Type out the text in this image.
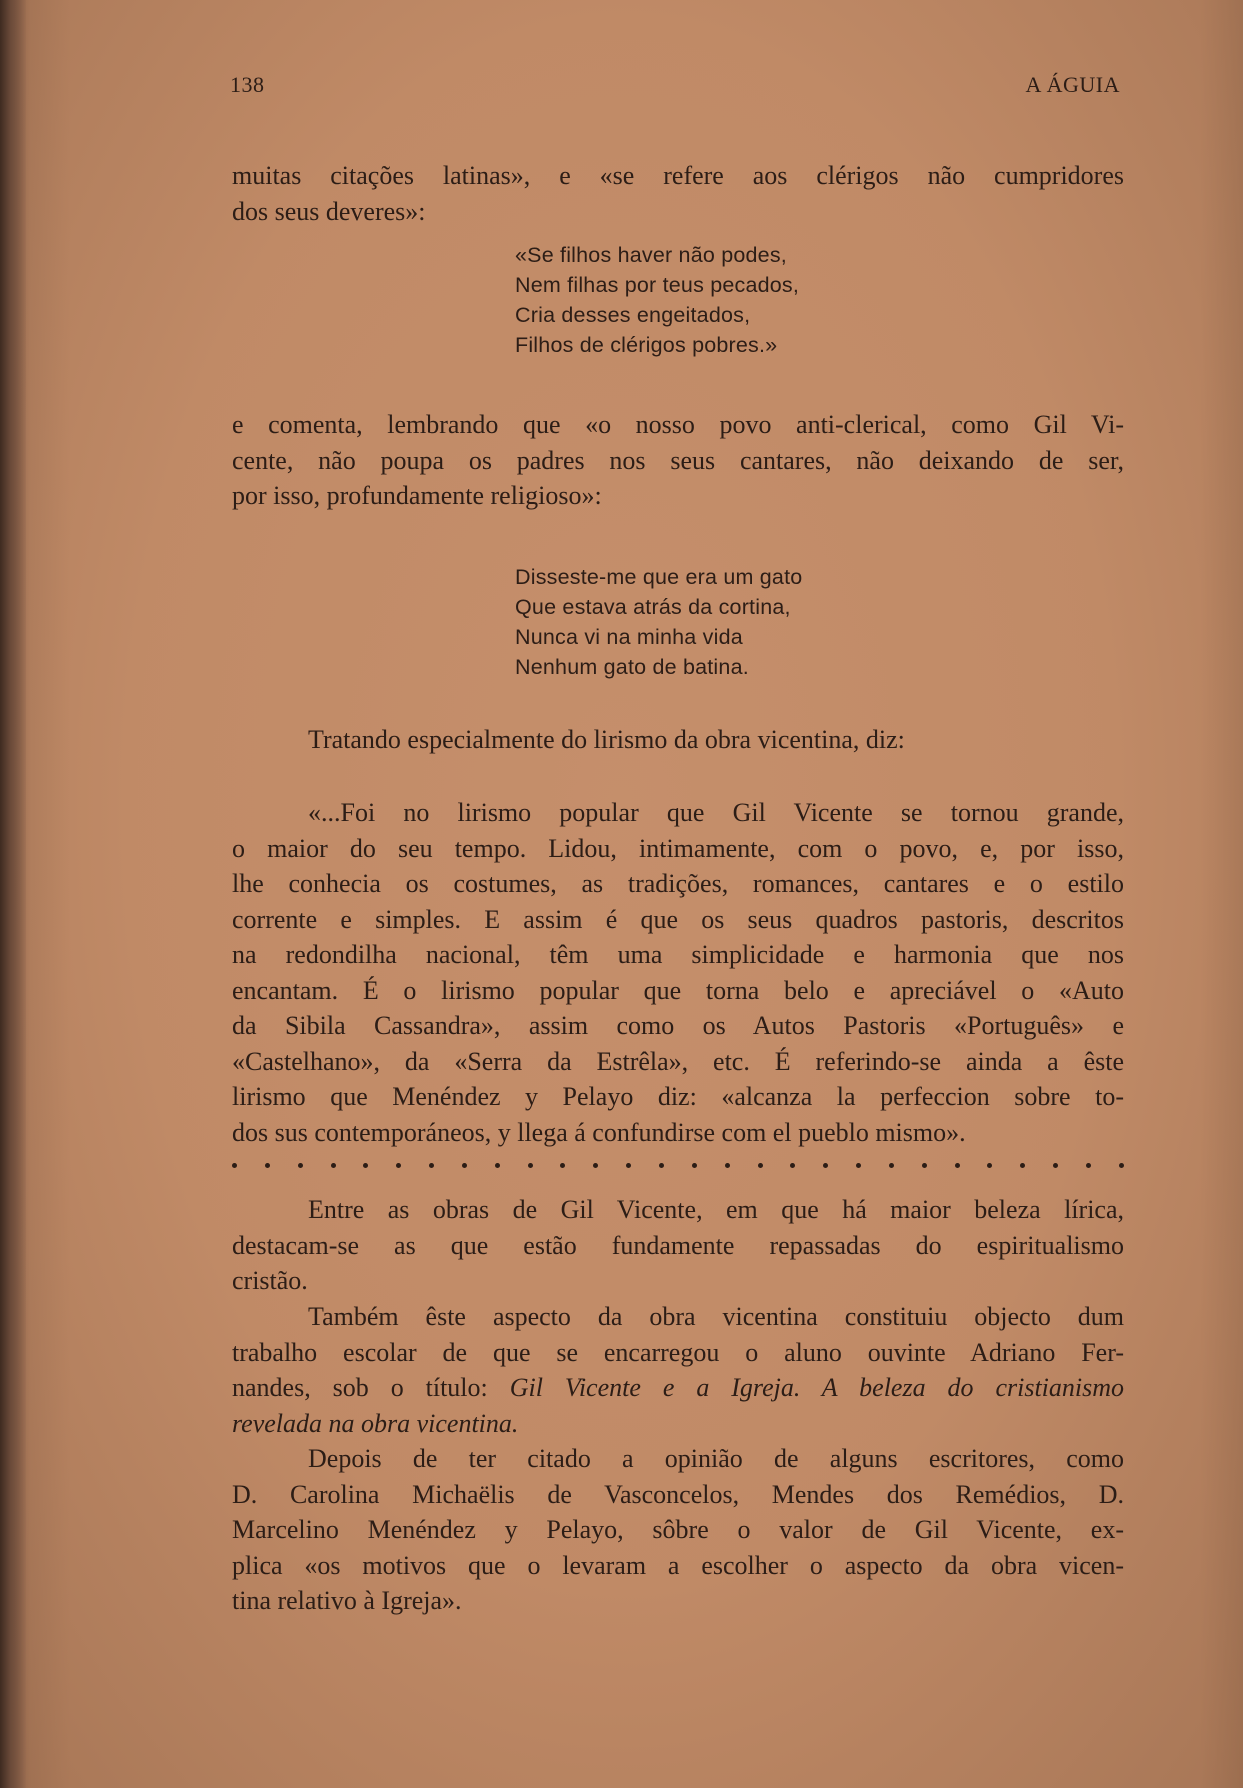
138	A ÁGUIA
muitas citações latinas», e «se refere aos clérigos não cumpridores
dos seus deveres»:
«Se filhos haver não podes,
Nem filhas por teus pecados,
Cria desses engeitados,
Filhos de clérigos pobres.»
e comenta, lembrando que «o nosso povo anti-clerical, como Gil Vi-
cente, não poupa os padres nos seus cantares, não deixando de ser,
por isso, profundamente religioso»:
Disseste-me que era um gato
Que estava atrás da cortina,
Nunca vi na minha vida
Nenhum gato de batina.
Tratando especialmente do lirismo da obra vicentina, diz:
«...Foi no lirismo popular que Gil Vicente se tornou grande,
o maior do seu tempo. Lidou, intimamente, com o povo, e, por isso,
lhe conhecia os costumes, as tradições, romances, cantares e o estilo
corrente e simples. E assim é que os seus quadros pastoris, descritos
na redondilha nacional, têm uma simplicidade e harmonia que nos
encantam. É o lirismo popular que torna belo e apreciável o «Auto
da Sibila Cassandra», assim como os Autos Pastoris «Português» e
«Castelhano», da «Serra da Estrêla», etc. É referindo-se ainda a êste
lirismo que Menéndez y Pelayo diz: «alcanza la perfeccion sobre to-
dos sus contemporáneos, y llega á confundirse com el pueblo mismo».
Entre as obras de Gil Vicente, em que há maior beleza lírica,
destacam-se as que estão fundamente repassadas do espiritualismo
cristão.
Também êste aspecto da obra vicentina constituiu objecto dum
trabalho escolar de que se encarregou o aluno ouvinte Adriano Fer-
nandes, sob o título: Gil Vicente e a Igreja. A beleza do cristianismo
revelada na obra vicentina.
Depois de ter citado a opinião de alguns escritores, como
D. Carolina Michaëlis de Vasconcelos, Mendes dos Remédios, D.
Marcelino Menéndez y Pelayo, sôbre o valor de Gil Vicente, ex-
plica «os motivos que o levaram a escolher o aspecto da obra vicen-
tina relativo à Igreja».
